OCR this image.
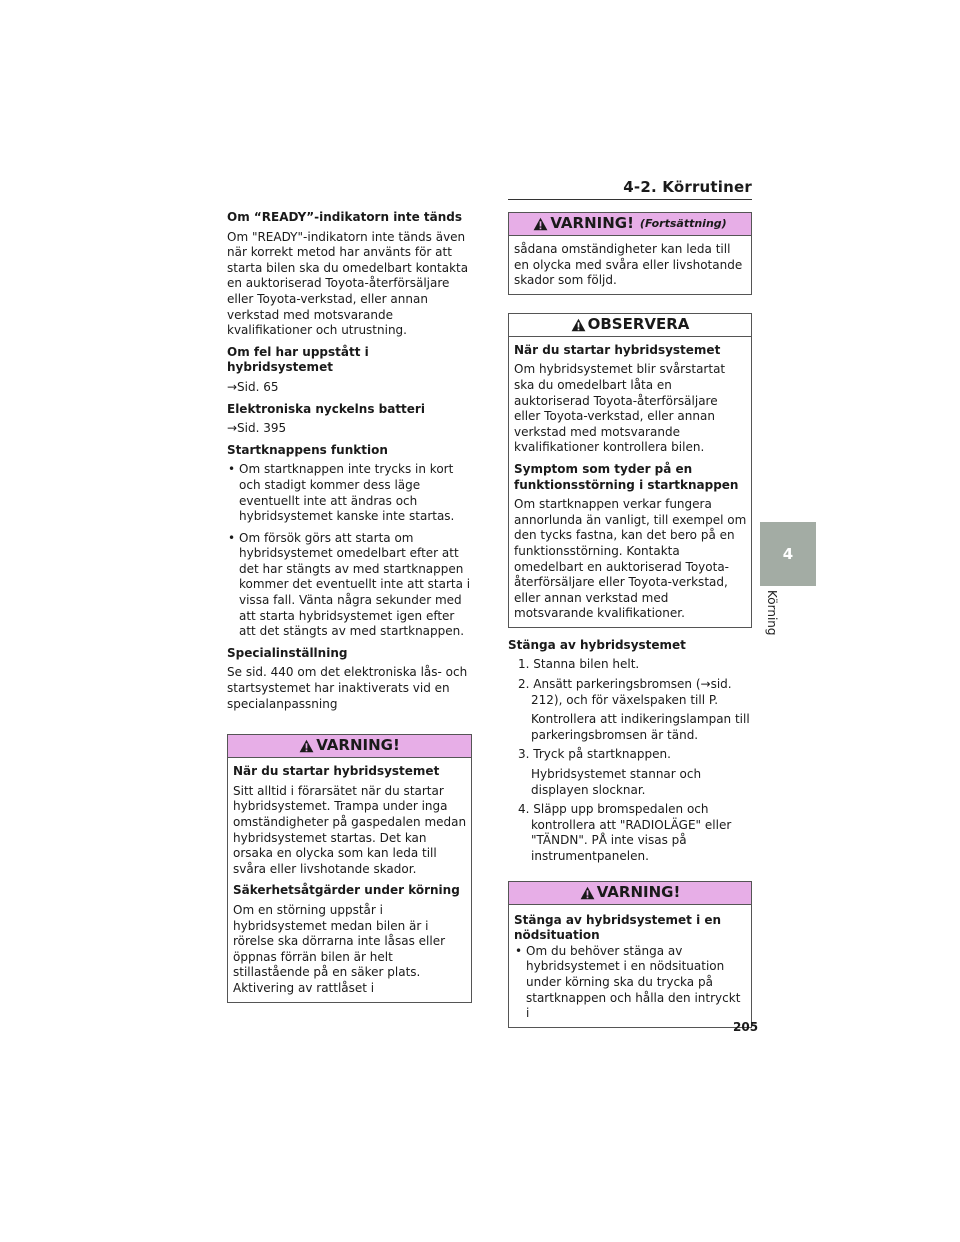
4-2. Körrutiner
4
Körning
Om “READY”-indikatorn inte tänds
Om "READY"-indikatorn inte tänds även när korrekt metod har använts för att starta bilen ska du omedelbart kontakta en auktoriserad Toyota-återförsäljare eller Toyota-verkstad, eller annan verkstad med motsvarande kvalifikationer och utrustning.
Om fel har uppstått i hybridsystemet
→Sid. 65
Elektroniska nyckelns batteri
→Sid. 395
Startknappens funktion
• Om startknappen inte trycks in kort och stadigt kommer dess läge eventuellt inte att ändras och hybridsystemet kanske inte startas.
• Om försök görs att starta om hybridsystemet omedelbart efter att det har stängts av med startknappen kommer det eventuellt inte att starta i vissa fall. Vänta några sekunder med att starta hybridsystemet igen efter att det stängts av med startknappen.
Specialinställning
Se sid. 440 om det elektroniska lås- och startsystemet har inaktiverats vid en specialanpassning
VARNING!
När du startar hybridsystemet
Sitt alltid i förarsätet när du startar hybridsystemet. Trampa under inga omständigheter på gaspedalen medan hybridsystemet startas. Det kan orsaka en olycka som kan leda till svåra eller livshotande skador.
Säkerhetsåtgärder under körning
Om en störning uppstår i hybridsystemet medan bilen är i rörelse ska dörrarna inte låsas eller öppnas förrän bilen är helt stillastående på en säker plats. Aktivering av rattlåset i
VARNING! (Fortsättning)
sådana omständigheter kan leda till en olycka med svåra eller livshotande skador som följd.
OBSERVERA
När du startar hybridsystemet
Om hybridsystemet blir svårstartat ska du omedelbart låta en auktoriserad Toyota-återförsäljare eller Toyota-verkstad, eller annan verkstad med motsvarande kvalifikationer kontrollera bilen.
Symptom som tyder på en funktionsstörning i startknappen
Om startknappen verkar fungera annorlunda än vanligt, till exempel om den tycks fastna, kan det bero på en funktionsstörning. Kontakta omedelbart en auktoriserad Toyota-återförsäljare eller Toyota-verkstad, eller annan verkstad med motsvarande kvalifikationer.
Stänga av hybridsystemet
1. Stanna bilen helt.
2. Ansätt parkeringsbromsen (→sid. 212), och för växelspaken till P.
Kontrollera att indikeringslampan till parkeringsbromsen är tänd.
3. Tryck på startknappen.
Hybridsystemet stannar och displayen slocknar.
4. Släpp upp bromspedalen och kontrollera att "RADIOLÄGE" eller "TÄNDN". PÅ inte visas på instrumentpanelen.
VARNING!
Stänga av hybridsystemet i en nödsituation
• Om du behöver stänga av hybridsystemet i en nödsituation under körning ska du trycka på startknappen och hålla den intryckt i
205
